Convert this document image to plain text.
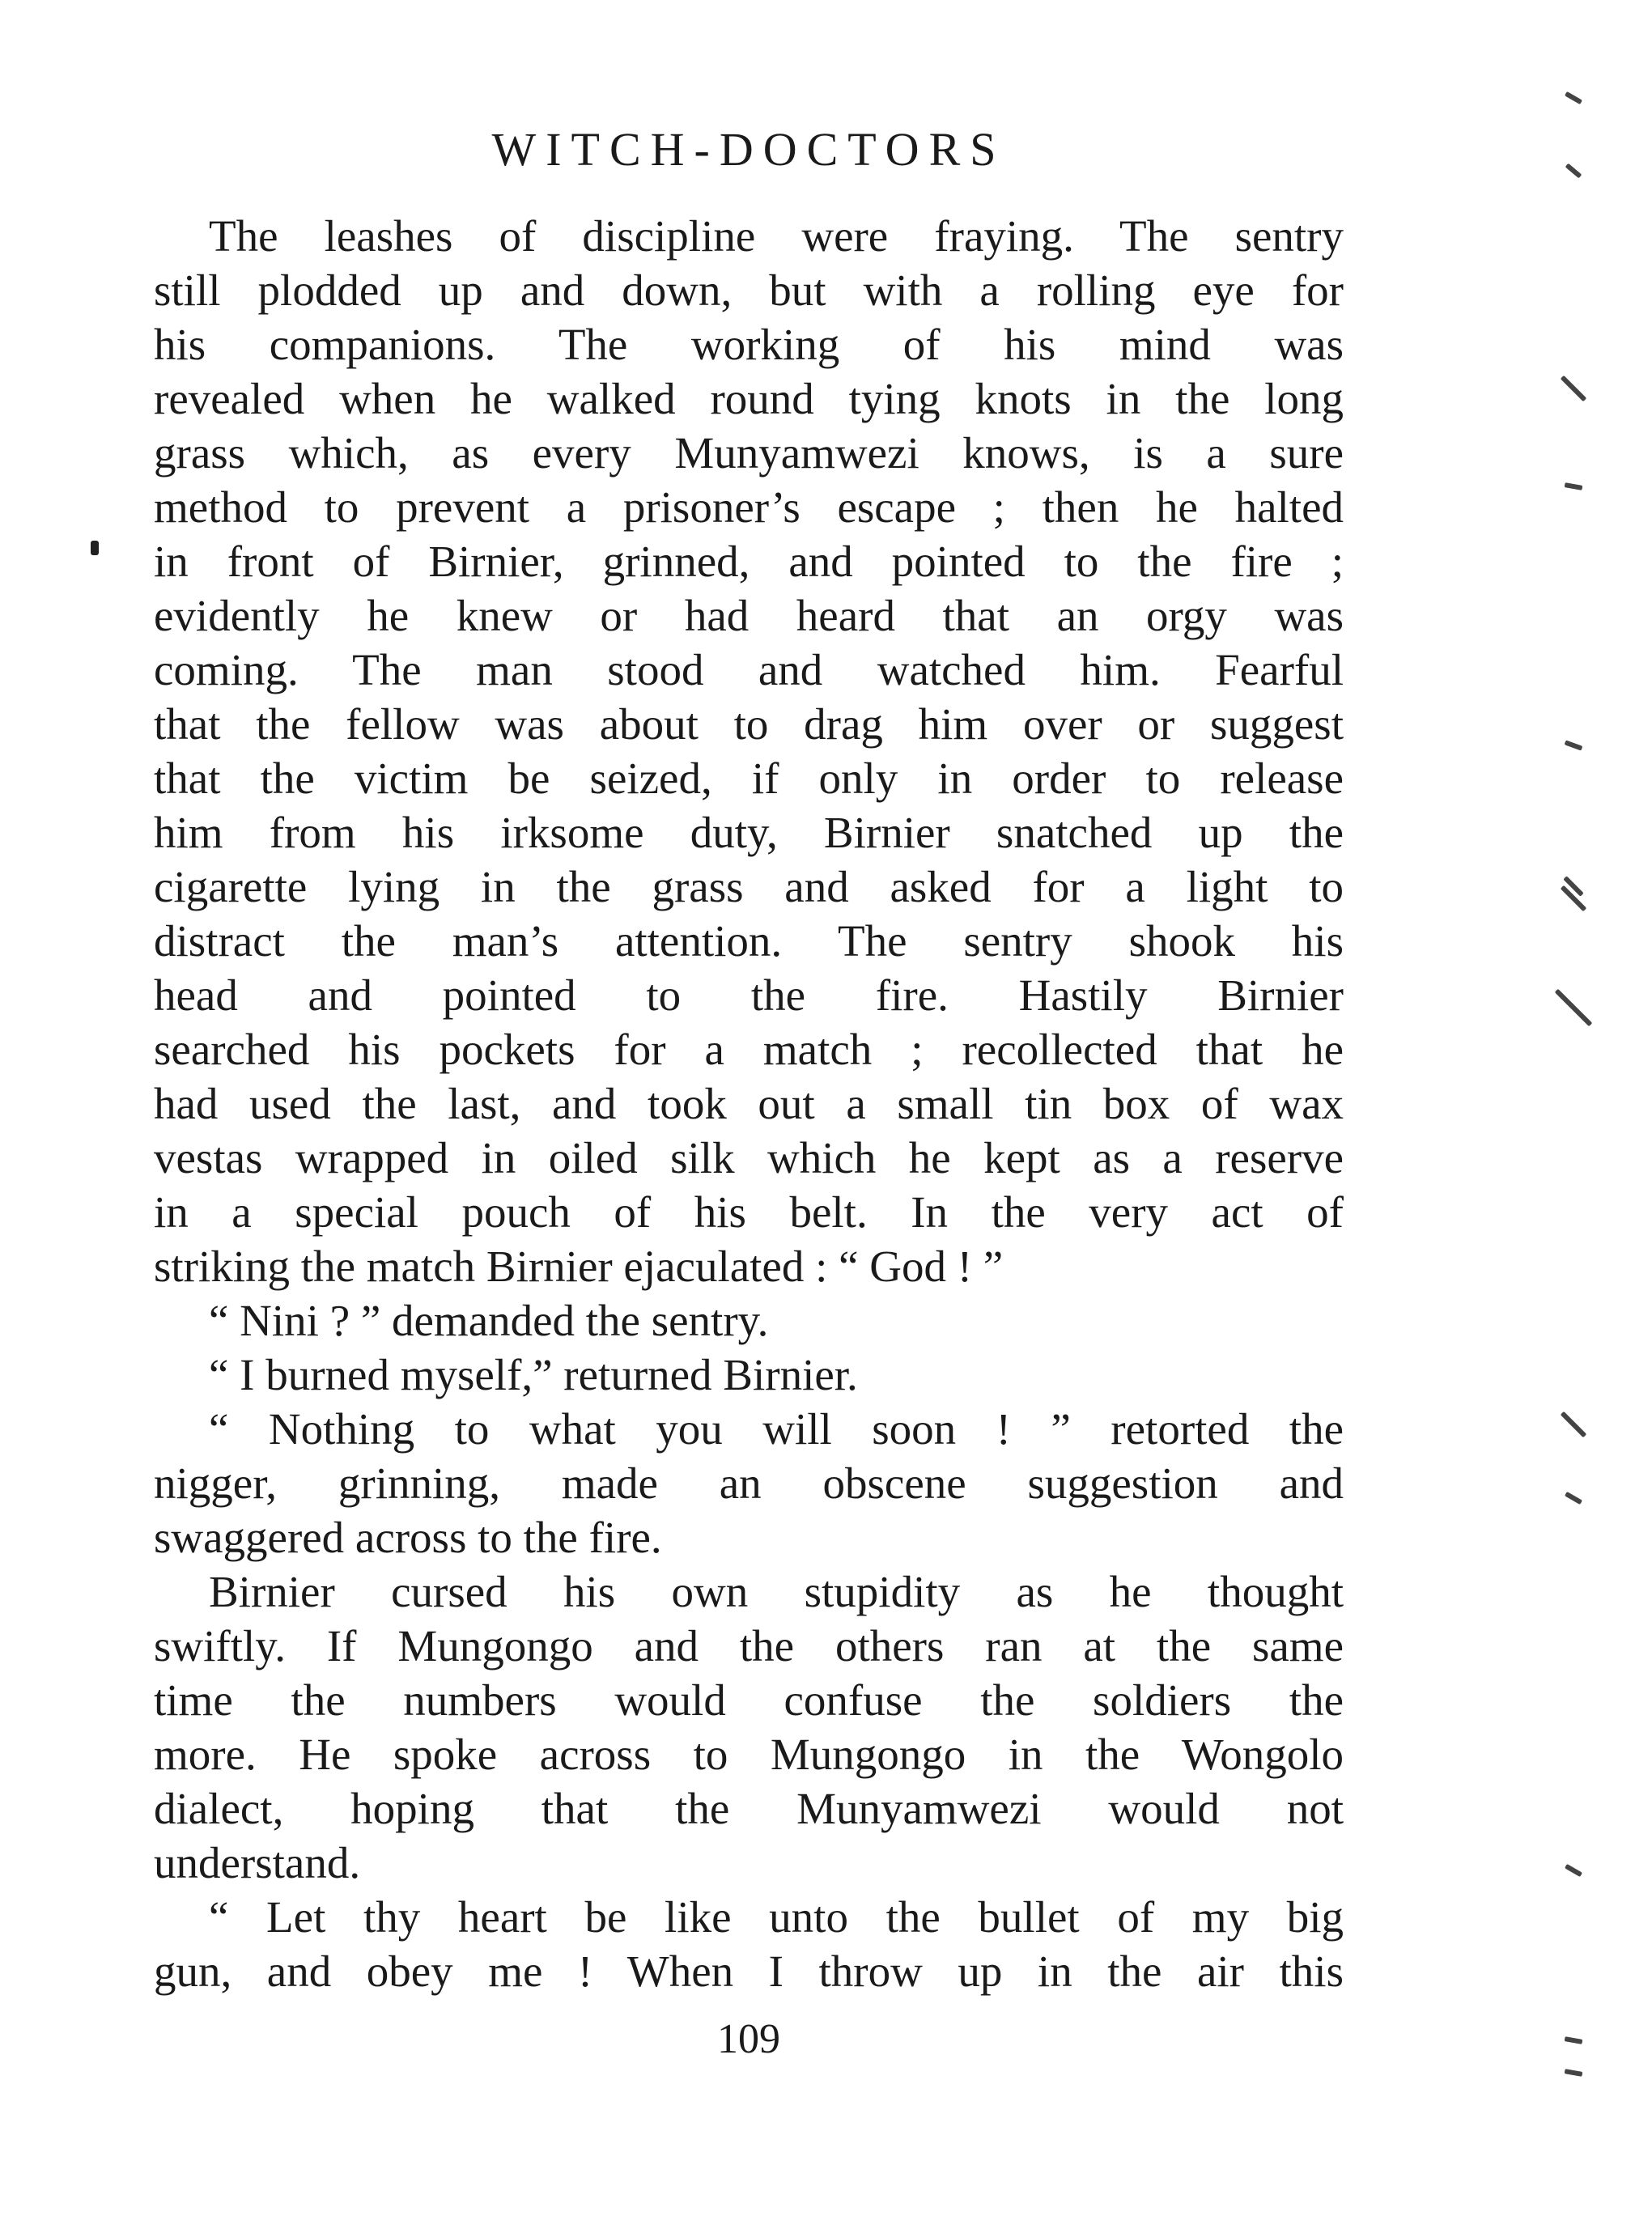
WITCH-DOCTORS
The leashes of discipline were fraying. The sentry
still plodded up and down, but with a rolling eye for
his companions. The working of his mind was
revealed when he walked round tying knots in the long
grass which, as every Munyamwezi knows, is a sure
method to prevent a prisoner’s escape ; then he halted
in front of Birnier, grinned, and pointed to the fire ;
evidently he knew or had heard that an orgy was
coming. The man stood and watched him. Fearful
that the fellow was about to drag him over or suggest
that the victim be seized, if only in order to release
him from his irksome duty, Birnier snatched up the
cigarette lying in the grass and asked for a light to
distract the man’s attention. The sentry shook his
head and pointed to the fire. Hastily Birnier
searched his pockets for a match ; recollected that he
had used the last, and took out a small tin box of wax
vestas wrapped in oiled silk which he kept as a reserve
in a special pouch of his belt. In the very act of
striking the match Birnier ejaculated : “ God ! ”
“ Nini ? ” demanded the sentry.
“ I burned myself,” returned Birnier.
“ Nothing to what you will soon ! ” retorted the
nigger, grinning, made an obscene suggestion and
swaggered across to the fire.
Birnier cursed his own stupidity as he thought
swiftly. If Mungongo and the others ran at the same
time the numbers would confuse the soldiers the
more. He spoke across to Mungongo in the Wongolo
dialect, hoping that the Munyamwezi would not
understand.
“ Let thy heart be like unto the bullet of my big
gun, and obey me ! When I throw up in the air this
109
